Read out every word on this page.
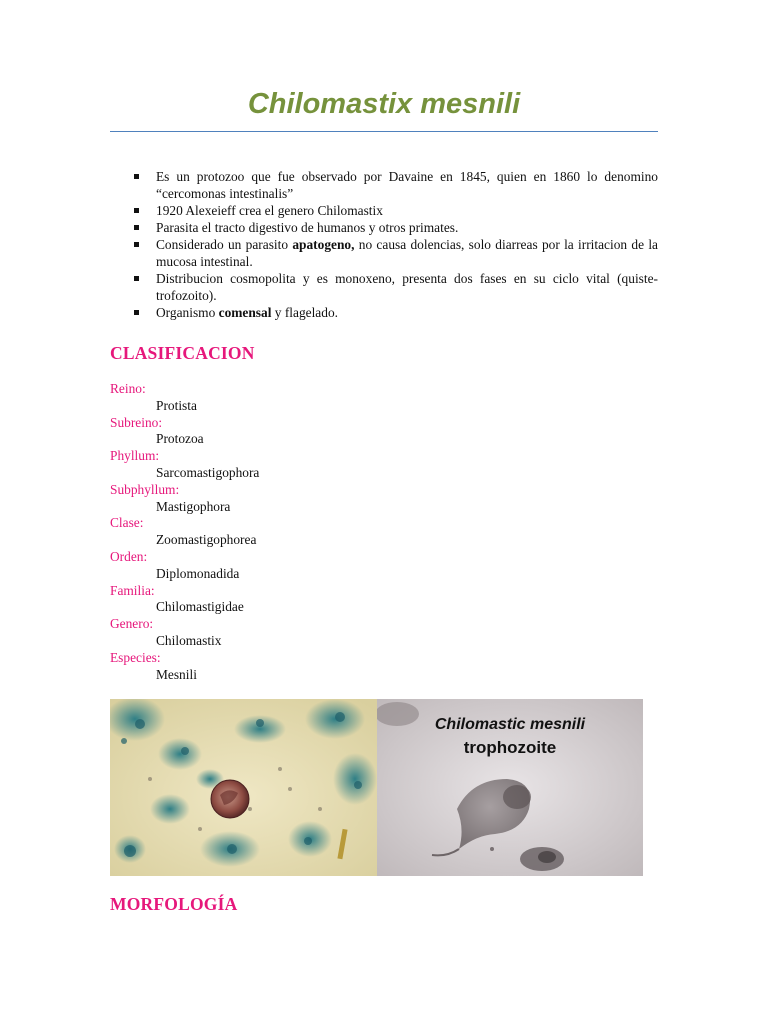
Chilomastix mesnili
Es un protozoo que fue observado por Davaine en 1845, quien en 1860 lo denomino “cercomonas intestinalis”
1920 Alexeieff crea el genero Chilomastix
Parasita el tracto digestivo de humanos y otros primates.
Considerado un parasito apatogeno, no causa dolencias, solo diarreas por la irritacion de la mucosa intestinal.
Distribucion cosmopolita y es monoxeno, presenta dos fases en su ciclo vital (quiste-trofozoito).
Organismo comensal y flagelado.
CLASIFICACION
Reino:
Protista
Subreino:
Protozoa
Phyllum:
Sarcomastigophora
Subphyllum:
Mastigophora
Clase:
Zoomastigophorea
Orden:
Diplomonadida
Familia:
Chilomastigidae
Genero:
Chilomastix
Especies:
Mesnili
MORFOLOGÍA
Chilomastic mesnili
trophozoite
